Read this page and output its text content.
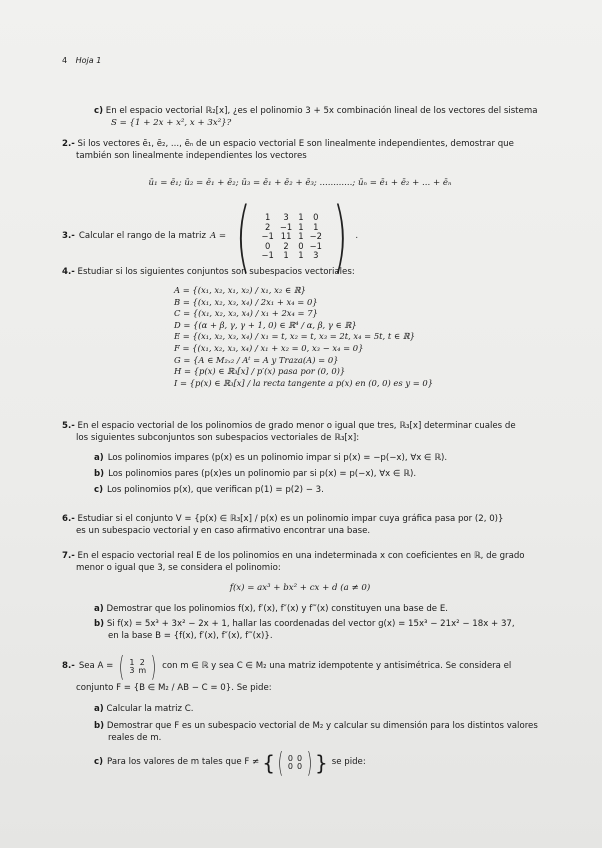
4 Hoja 1
c) En el espacio vectorial ℝ₂[x], ¿es el polinomio 3 + 5x combinación lineal de los vectores del sistema
S = {1 + 2x + x², x + 3x²}?
2.- Si los vectores ē₁, ē₂, ..., ēₙ de un espacio vectorial E son linealmente independientes, demostrar que
también son linealmente independientes los vectores
ū₁ = ē₁; ū₂ = ē₁ + ē₂; ū₃ = ē₁ + ē₂ + ē₃; ............; ūₙ = ē₁ + ē₂ + ... + ēₙ
3.- Calcular el rango de la matriz A = ( 1	3	1	0
2	−1	1	1
−1	11	1	−2
0	2	0	−1
−1	1	1	3 ) .
4.- Estudiar si los siguientes conjuntos son subespacios vectoriales:
A = {(x₁, x₂, x₁, x₂) / x₁, x₂ ∈ ℝ}
B = {(x₁, x₂, x₃, x₄) / 2x₁ + x₄ = 0}
C = {(x₁, x₂, x₃, x₄) / x₁ + 2x₄ = 7}
D = {(α + β, γ, γ + 1, 0) ∈ ℝ⁴ / α, β, γ ∈ ℝ}
E = {(x₁, x₂, x₃, x₄) / x₁ = t, x₂ = t, x₃ = 2t, x₄ = 5t, t ∈ ℝ}
F = {(x₁, x₂, x₃, x₄) / x₁ + x₂ = 0, x₃ − x₄ = 0}
G = {A ∈ M₂ₓ₂ / Aᵗ = A y Traza(A) = 0}
H = {p(x) ∈ ℝ₃[x] / p′(x) pasa por (0, 0)}
I = {p(x) ∈ ℝ₃[x] / la recta tangente a p(x) en (0, 0) es y = 0}
5.- En el espacio vectorial de los polinomios de grado menor o igual que tres, ℝ₃[x] determinar cuales de
los siguientes subconjuntos son subespacios vectoriales de ℝ₃[x]:
a) Los polinomios impares (p(x) es un polinomio impar si p(x) = −p(−x), ∀x ∈ ℝ).
b) Los polinomios pares (p(x)es un polinomio par si p(x) = p(−x), ∀x ∈ ℝ).
c) Los polinomios p(x), que verifican p(1) = p(2) − 3.
6.- Estudiar si el conjunto V = {p(x) ∈ ℝ₃[x] / p(x) es un polinomio impar cuya gráfica pasa por (2, 0)}
es un subespacio vectorial y en caso afirmativo encontrar una base.
7.- En el espacio vectorial real E de los polinomios en una indeterminada x con coeficientes en ℝ, de grado
menor o igual que 3, se considera el polinomio:
f(x) = ax³ + bx² + cx + d (a ≠ 0)
a) Demostrar que los polinomios f(x), f′(x), f″(x) y f‴(x) constituyen una base de E.
b) Si f(x) = 5x³ + 3x² − 2x + 1, hallar las coordenadas del vector g(x) = 15x³ − 21x² − 18x + 37,
en la base B = {f(x), f′(x), f″(x), f‴(x)}.
8.- Sea A = ( 1	2
3	m ) con m ∈ ℝ y sea C ∈ M₂ una matriz idempotente y antisimétrica. Se considera el
conjunto F = {B ∈ M₂ / AB − C = 0}. Se pide:
a) Calcular la matriz C.
b) Demostrar que F es un subespacio vectorial de M₂ y calcular su dimensión para los distintos valores
reales de m.
c) Para los valores de m tales que F ≠ { ( 0	0
0	0 ) } se pide:
